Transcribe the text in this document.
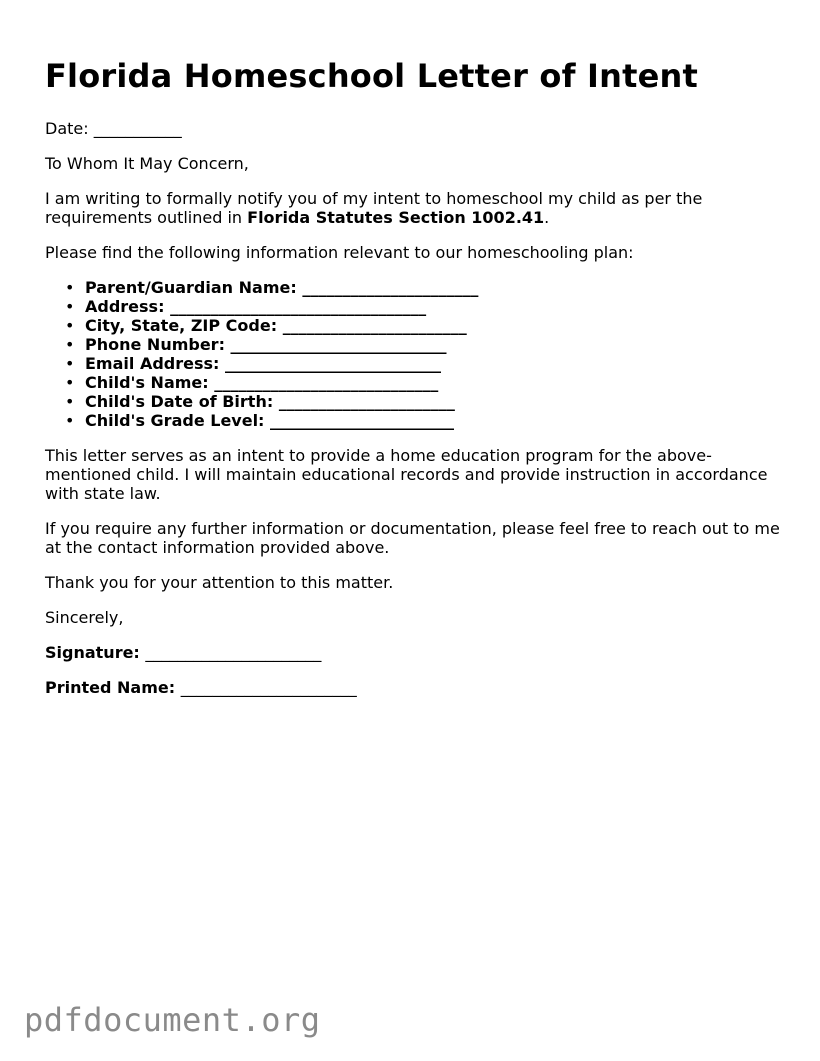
Florida Homeschool Letter of Intent

Date: ___________

To Whom It May Concern,

I am writing to formally notify you of my intent to homeschool my child as per the requirements outlined in Florida Statutes Section 1002.41.

Please find the following information relevant to our homeschooling plan:

• Parent/Guardian Name: ______________________
• Address: ________________________________
• City, State, ZIP Code: _______________________
• Phone Number: ___________________________
• Email Address: ___________________________
• Child's Name: ____________________________
• Child's Date of Birth: ______________________
• Child's Grade Level: _______________________

This letter serves as an intent to provide a home education program for the above-mentioned child. I will maintain educational records and provide instruction in accordance with state law.

If you require any further information or documentation, please feel free to reach out to me at the contact information provided above.

Thank you for your attention to this matter.

Sincerely,

Signature: ______________________

Printed Name: ______________________

pdfdocument.org
